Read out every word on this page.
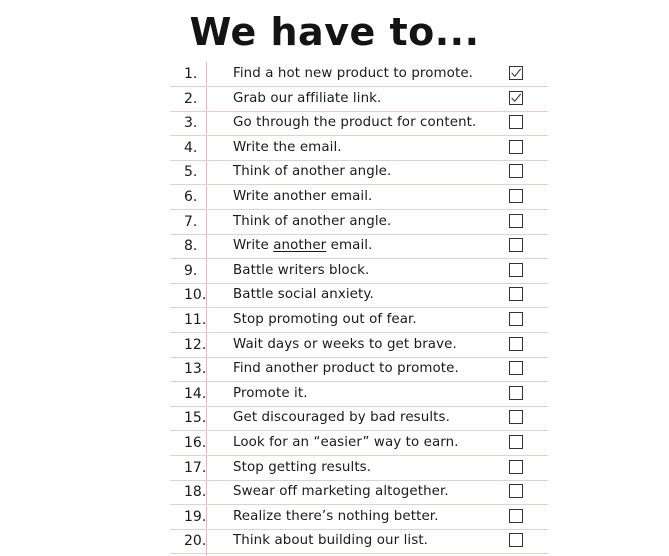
We have to...
1.	Find a hot new product to promote.
2.	Grab our affiliate link.
3.	Go through the product for content.
4.	Write the email.
5.	Think of another angle.
6.	Write another email.
7.	Think of another angle.
8.	Write another email.
9.	Battle writers block.
10. Battle social anxiety.
11. Stop promoting out of fear.
12. Wait days or weeks to get brave.
13. Find another product to promote.
14. Promote it.
15. Get discouraged by bad results.
16. Look for an “easier” way to earn.
17. Stop getting results.
18. Swear off marketing altogether.
19. Realize there’s nothing better.
20. Think about building our list.
